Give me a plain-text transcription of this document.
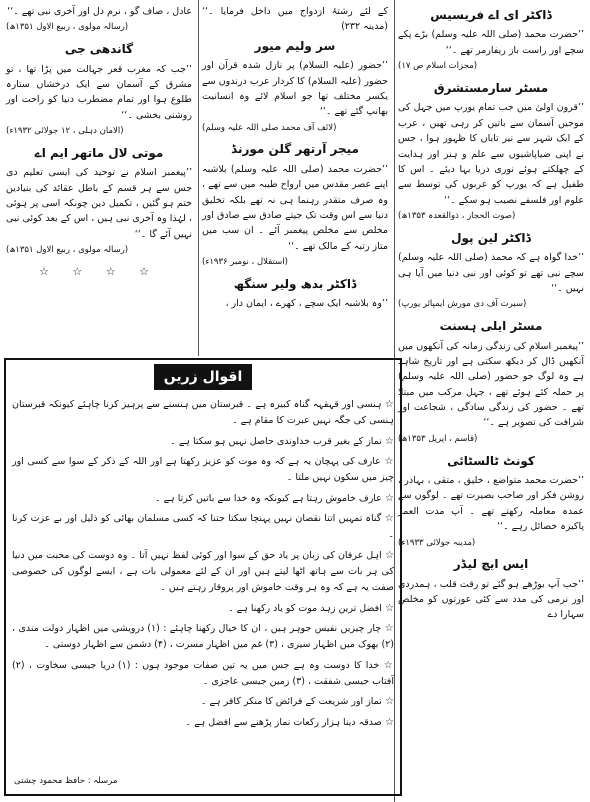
ڈاکٹر ای اے فریسیس

’’حضرت محمد (صلی اللہ علیہ وسلم) بڑے پکے سچے اور راست باز ریفارمر تھے ۔‘‘

(مجزات اسلام ص ۱۷)
مسٹر سارمستشرق

’’قرون اولیٰ میں جب تمام یورپ میں جہل کی موجیں آسمان سے باتیں کر رہی تھیں ، عرب کے ایک شہر سے نیر تاباں کا ظہور ہوا ، جس نے اپنی ضیاپاشیوں سے علم و ہنر اور ہدایت کے چھلکتے ہوئے نوری دریا بہا دیئے ۔ اس کا طفیل ہے کہ یورپ کو عربوں کی توسط سے علوم اور فلسفے نصیب ہو سکے ۔‘‘

(صوت الحجاز ، ذوالقعدہ ۱۳۵۳ھ)
ڈاکٹر لین پول

’’خدا گواہ ہے کہ محمد (صلی اللہ علیہ وسلم) سچے نبی تھے تو کوئی اور نبی دنیا میں آیا ہی نہیں ۔‘‘

(سیرت آف دی مورش ایمپائر یورپ)
مسٹر ایلی ہسنت

’’پیغمبر اسلام کی زندگی زمانہ کی آنکھوں میں آنکھیں ڈال کر دیکھ سکتی ہے اور تاریخ شاہد ہے وہ لوگ جو حضور (صلی اللہ علیہ وسلم) پر حملہ کئے ہوئے تھے ، جہل مرکب میں مبتلا تھے ۔ حضور کی زندگی سادگی ، شجاعت اور شرافت کی تصویر ہے ۔‘‘

(قاسم ، اپریل ۱۳۵۳ھ)
کونٹ ٹالسٹائی

’’حضرت محمد متواضع ، خلیق ، متقی ، بہادر ، روشن فکر اور صاحب بصیرت تھے ۔ لوگوں سے عمدہ معاملہ رکھتے تھے ۔ آپ مدت العمر پاکیزہ خصائل رہے ۔‘‘

(مدینہ جولائی ۱۹۳۳ء)
ایس ایچ لیڈر

’’جب آپ بوڑھے ہو گئے تو رقت قلب ، ہمدردی اور نرمی کی مدد سے کئی عورتوں کو مخلص سہارا دے

کے لئے رشتۂ ازدواج میں داخل فرمایا ۔‘‘ (مدینہ ۲۳۲)

سر ولیم میور

’’حضور (علیہ السلام) پر نازل شدہ قرآن اور حضور (علیہ السلام) کا کردار عرب درندوں سے یکسر مختلف تھا جو اسلام لائے وہ انسانیت بھانپ گئے تھے ۔‘‘

(لائف آف محمد صلی اللہ علیہ وسلم)
میجر آرتھر گلن مورنڈ

’’حضرت محمد (صلی اللہ علیہ وسلم) بلاشبہ اپنے عصر مقدس میں ارواح طیبہ میں سے تھے ، وہ صرف متقدر رہنما ہی نہ تھے بلکہ تخلیق دنیا سے اس وقت تک جیتے صادق سے صادق اور مخلص سے مخلص پیغمبر آئے ۔ ان سب میں متاز رتبہ کے مالک تھے ۔‘‘

(استقلال ، نومبر ۱۹۳۶ء)
ڈاکٹر بدھ ولیر سنگھ

’’وہ بلاشبہ ایک سچے ، کھرے ، ایمان دار ،

عادل ، صاف گو ، نرم دل اور آخری نبی تھے ۔‘‘

(رسالہ مولوی ، ربیع الاول ۱۳۵۱ھ)
گاندھی جی

’’جب کہ مغرب قعر جہالت میں پڑا تھا ، تو مشرق کے آسمان سے ایک درخشاں ستارہ طلوع ہوا اور تمام مضطرب دنیا کو راحت اور روشنی بخشی ۔‘‘

(الامان دہلی ، ۱۲ جولائی ۱۹۳۲ء)
موتی لال ماتھر ایم اے

’’پیغمبر اسلام نے توحید کی ایسی تعلیم دی جس سے ہر قسم کے باطل عقائد کی بنیادیں ختم ہو گئیں ، تکمیل دین چونکہ اسی پر ہوئی ، لہٰذا وہ آخری نبی ہیں ، اس کے بعد کوئی نبی نہیں آئے گا ۔‘‘

(رسالہ مولوی ، ربیع الاول ۱۳۵۱ھ)
☆ ☆ ☆ ☆
اقوال زریں
☆ ہنسی اور قہقہہ گناہ کبیرہ ہے ۔ قبرستان میں ہنسنے سے پرہیز کرنا چاہئے کیونکہ قبرستان ہنسی کی جگہ نہیں عبرت کا مقام ہے ۔
☆ نماز کے بغیر قرب خداوندی حاصل نہیں ہو سکتا ہے ۔
☆ عارف کی پہچان یہ ہے کہ وہ موت کو عزیز رکھتا ہے اور اللہ کے ذکر کے سوا سے کسی اور چیز میں سکون نہیں ملتا ۔
☆ عارف خاموش رہتا ہے کیونکہ وہ خدا سے باتیں کرتا ہے ۔
☆ گناہ تمہیں اتنا نقصان نہیں پہنچا سکتا جتنا کہ کسی مسلمان بھائی کو ذلیل اور بے عزت کرنا ۔
☆ اہل عرفان کی زبان پر یاد حق کے سوا اور کوئی لفظ نہیں آتا ۔ وہ دوست کی محبت میں دنیا کی ہر بات سے ہاتھ اٹھا لیتے ہیں اور ان کے لئے معمولی بات ہے ، ایسے لوگوں کی خصوصی صفت یہ ہے کہ وہ ہر وقت خاموش اور پروقار رہتے ہیں ۔
☆ افضل ترین زہد موت کو یاد رکھنا ہے ۔
☆ چار چیزیں نفیس جوہر ہیں ، ان کا خیال رکھنا چاہئے : (۱) درویشی میں اظہار دولت مندی ، (۲) بھوک میں اظہار سیری ، (۳) غم میں اظہار مسرت ، (۴) دشمن سے اظہار دوستی ۔
☆ خدا کا دوست وہ ہے جس میں یہ تین صفات موجود ہوں : (۱) دریا جیسی سخاوت ، (۲) آفتاب جیسی شفقت ، (۳) زمین جیسی عاجزی ۔
☆ نماز اور شریعت کے فرائض کا منکر کافر ہے ۔
☆ صدقہ دینا ہزار رکعات نماز پڑھنے سے افضل ہے ۔
مرسلہ : حافظ محمود چشتی
